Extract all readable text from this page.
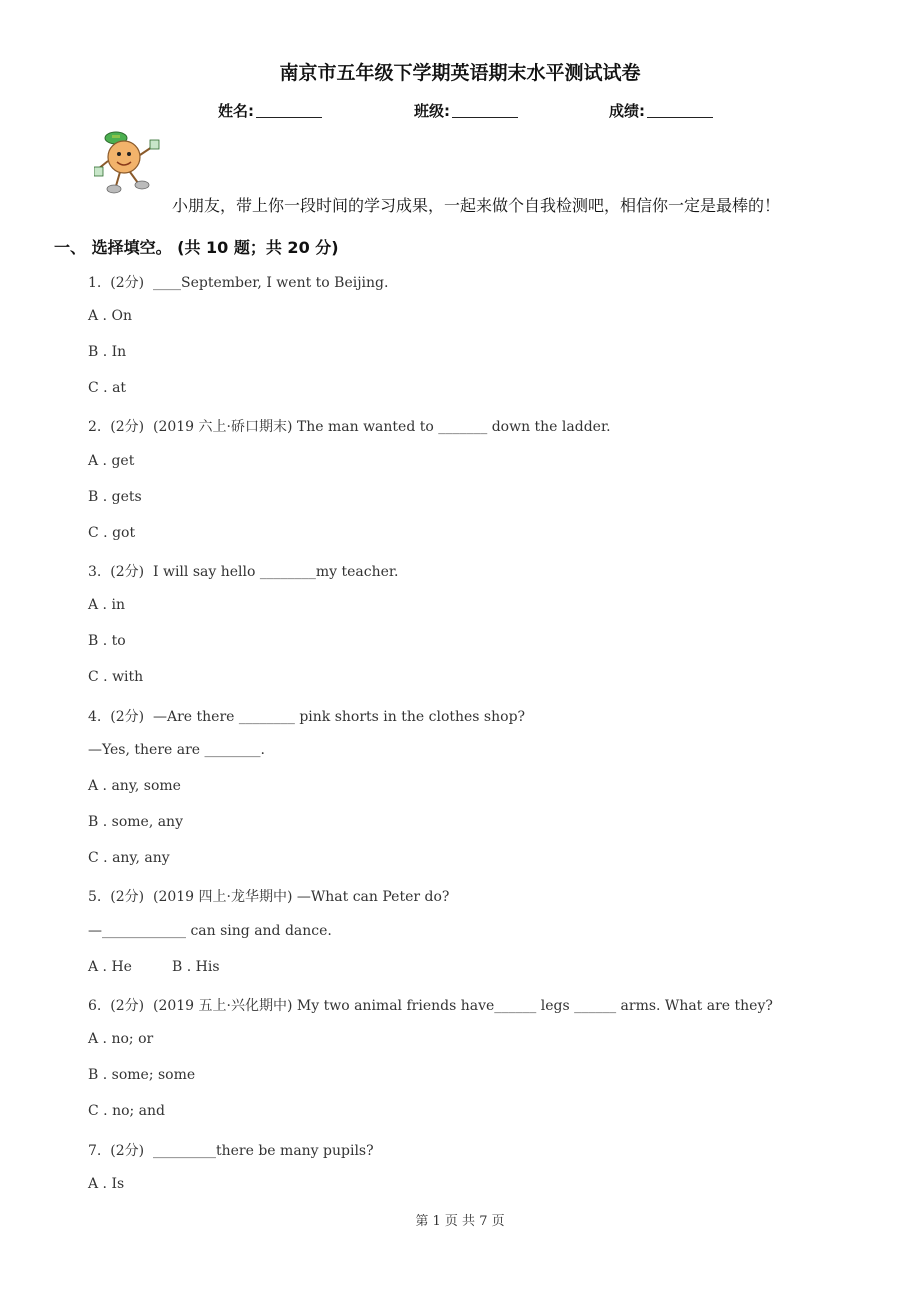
南京市五年级下学期英语期末水平测试试卷
姓名:	班级:	成绩:
小朋友，带上你一段时间的学习成果，一起来做个自我检测吧，相信你一定是最棒的！
一、 选择填空。 (共 10 题；共 20 分)
1.  (2分)  ____September, I went to Beijing.
A . On
B . In
C . at
2.  (2分)  (2019 六上·硚口期末) The man wanted to _______ down the ladder.
A . get
B . gets
C . got
3.  (2分)  I will say hello ________my teacher.
A . in
B . to
C . with
4.  (2分)  —Are there ________ pink shorts in the clothes shop?
—Yes, there are ________.
A . any, some
B . some, any
C . any, any
5.  (2分)  (2019 四上·龙华期中) —What can Peter do?
—____________ can sing and dance.
A . He         B . His
6.  (2分)  (2019 五上·兴化期中) My two animal friends have______ legs ______ arms. What are they?
A . no; or
B . some; some
C . no; and
7.  (2分)  _________there be many pupils?
A . Is
第 1 页 共 7 页
